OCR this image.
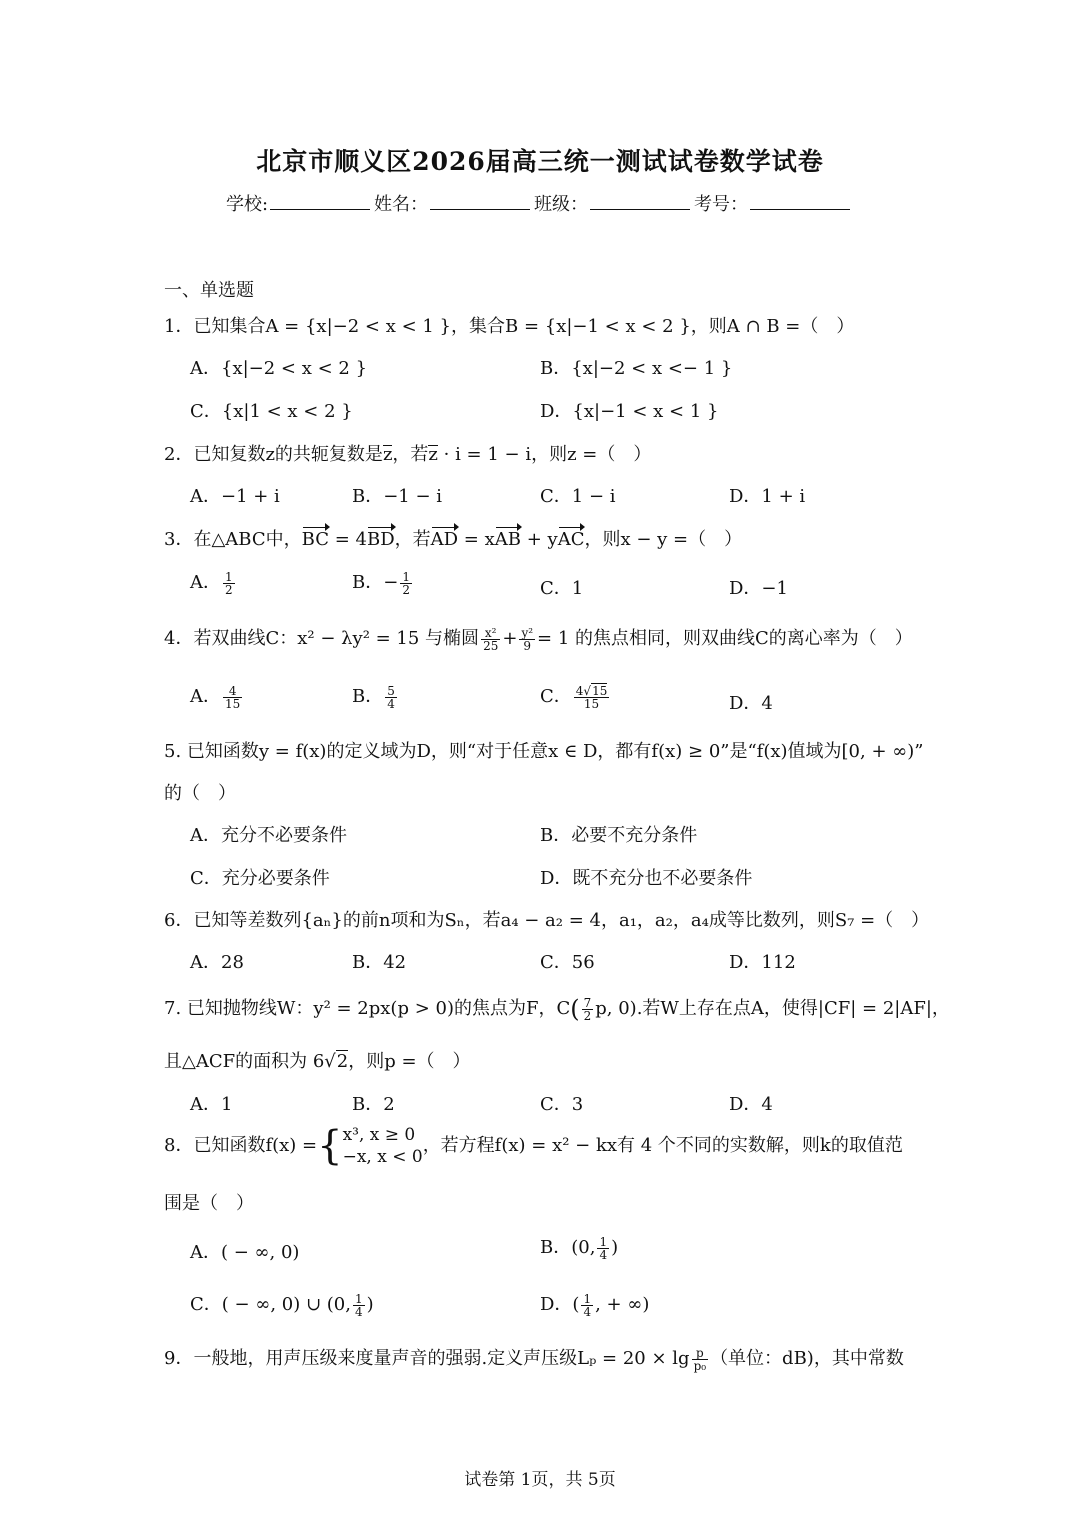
北京市顺义区2026届高三统一测试试卷数学试卷
学校:	姓名：	班级：	考号：
一、单选题
1．已知集合A = {x|−2 < x < 1 }，集合B = {x|−1 < x < 2 }，则A ∩ B =（　）
A．{x|−2 < x < 2 }	B．{x|−2 < x <− 1 }
C．{x|1 < x < 2 }	D．{x|−1 < x < 1 }
2．已知复数z的共轭复数是z，若z · i = 1 − i，则z =（　）
A．−1 + i	B．−1 − i	C．1 − i	D．1 + i
3．在△ABC中，BC = 4BD，若AD = xAB + yAC，则x − y =（　）
A． $\frac{1}{2}$	B．− $\frac{1}{2}$	C．1	D．−1
4．若双曲线C：x² − λy² = 15 与椭圆 $\frac{\text{x²}}{25} + \frac{\text{y²}}{9} = 1$ 的焦点相同，则双曲线C的离心率为（　）
A． $\frac{4}{15}$	B． $\frac{5}{4}$	C． $\frac{4√15}{15}$	D．4
5. 已知函数y = f(x)的定义域为D，则“对于任意x ∈ D，都有f(x) ≥ 0”是“f(x)值域为[0, + ∞)”
的（　）
A．充分不必要条件	B．必要不充分条件
C．充分必要条件	D．既不充分也不必要条件
6．已知等差数列{aₙ}的前n项和为Sₙ，若a₄ − a₂ = 4，a₁，a₂，a₄成等比数列，则S₇ =（　）
A．28	B．42	C．56	D．112
7. 已知抛物线W：y² = 2px(p > 0)的焦点为F，$C( \frac{7}{2} p$, 0).若W上存在点A，使得|CF| = 2|AF|，
且△ACF的面积为 6√2，则p =（　）
A．1	B．2	C．3	D．4
8．已知函数f(x) ={ x³, x ≥ 0
−x, x < 0
，若方程f(x) = x² − kx有 4 个不同的实数解，则k的取值范
围是（　）
A．( − ∞, 0)	B．(0, $\frac{1}{4}$ )
C．( − ∞, 0) ∪ (0, $\frac{1}{4}$ )	D．( $\frac{1}{4}$ , + ∞)
9．一般地，用声压级来度量声音的强弱.定义声压级$L_p = 20 \times \lg \frac{p}{\text{p₀}}$ （单位：dB)，其中常数
试卷第 1页，共 5页
